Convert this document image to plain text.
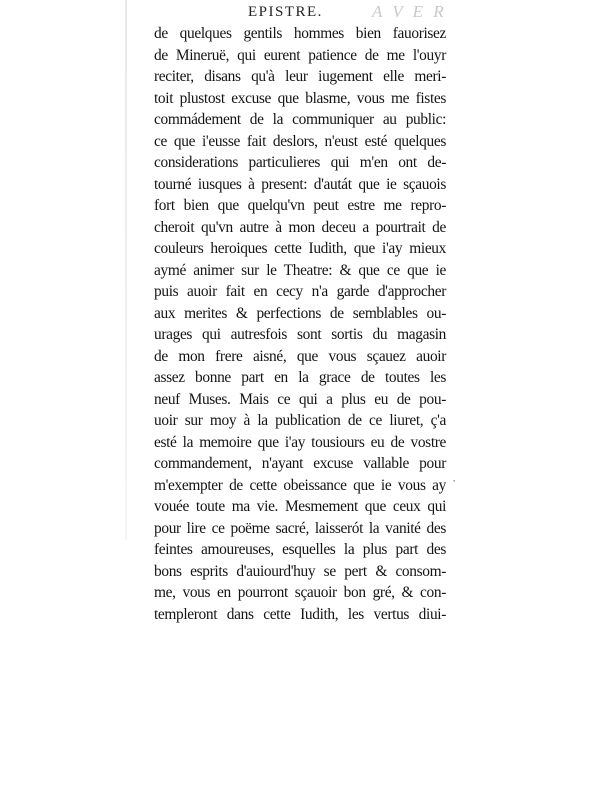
A V E R
EPISTRE.
de quelques gentils hommes bien fauorisez
de Mineruë, qui eurent patience de me l'ouyr
reciter, disans qu'à leur iugement elle meri-
toit plustost excuse que blasme, vous me fistes
commádement de la communiquer au public:
ce que i'eusse fait deslors, n'eust esté quelques
considerations particulieres qui m'en ont de-
tourné iusques à present: d'autát que ie sçauois
fort bien que quelqu'vn peut estre me repro-
cheroit qu'vn autre à mon deceu a pourtrait de
couleurs heroiques cette Iudith, que i'ay mieux
aymé animer sur le Theatre: & que ce que ie
puis auoir fait en cecy n'a garde d'approcher
aux merites & perfections de semblables ou-
urages qui autresfois sont sortis du magasin
de mon frere aisné, que vous sçauez auoir
assez bonne part en la grace de toutes les
neuf Muses. Mais ce qui a plus eu de pou-
uoir sur moy à la publication de ce liuret, ç'a
esté la memoire que i'ay tousiours eu de vostre
commandement, n'ayant excuse vallable pour
m'exempter de cette obeissance que ie vous ay
vouée toute ma vie. Mesmement que ceux qui
pour lire ce poëme sacré, laisserót la vanité des
feintes amoureuses, esquelles la plus part des
bons esprits d'auiourd'huy se pert & consom-
me, vous en pourront sçauoir bon gré, & con-
templeront dans cette Iudith, les vertus diui-
·
